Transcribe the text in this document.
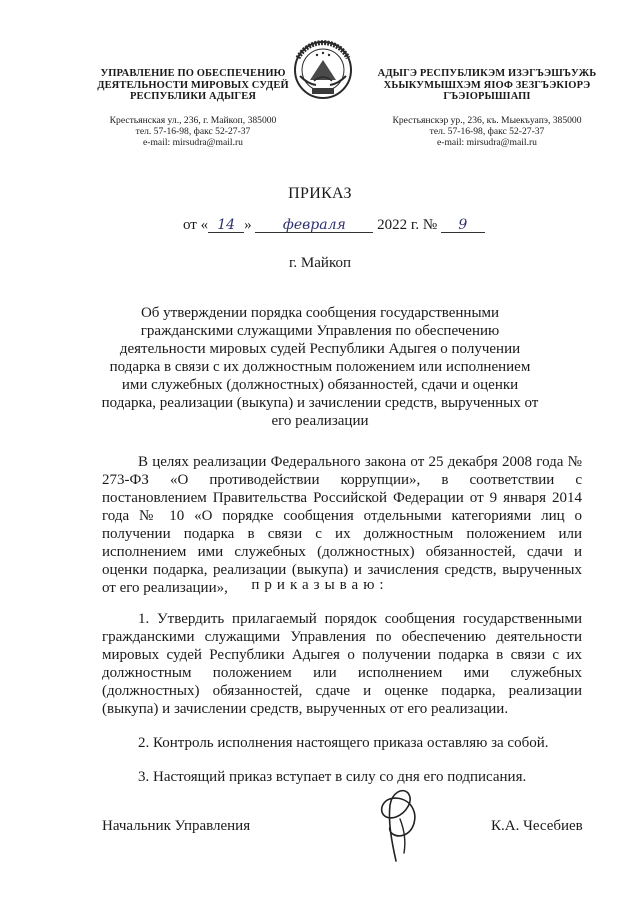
УПРАВЛЕНИЕ ПО ОБЕСПЕЧЕНИЮ
ДЕЯТЕЛЬНОСТИ МИРОВЫХ СУДЕЙ
РЕСПУБЛИКИ АДЫГЕЯ
Крестьянская ул., 236, г. Майкоп, 385000
тел. 57-16-98, факс 52-27-37
e-mail: mirsudra@mail.ru
АДЫГЭ РЕСПУБЛИКЭМ ИЗЭГЪЭШЪУЖЬ
ХЬЫКУМЫШХЭМ ЯIОФ ЗЕЗГЪЭКIОРЭ
ГЪЭIОРЫШIАПI
Крестьянскэр ур., 236, къ. Мыекъуапэ, 385000
тел. 57-16-98, факс 52-27-37
e-mail: mirsudra@mail.ru
ПРИКАЗ
от « 14 » февраля 2022 г. № 9
г. Майкоп
Об утверждении порядка сообщения государственными гражданскими служащими Управления по обеспечению деятельности мировых судей Республики Адыгея о получении подарка в связи с их должностным положением или исполнением ими служебных (должностных) обязанностей, сдачи и оценки подарка, реализации (выкупа) и зачислении средств, вырученных от его реализации
В целях реализации Федерального закона от 25 декабря 2008 года № 273-ФЗ «О противодействии коррупции», в соответствии с постановлением Правительства Российской Федерации от 9 января 2014 года № 10 «О порядке сообщения отдельными категориями лиц о получении подарка в связи с их должностным положением или исполнением ими служебных (должностных) обязанностей, сдачи и оценки подарка, реализации (выкупа) и зачисления средств, вырученных от его реализации»,	приказываю:
1. Утвердить прилагаемый порядок сообщения государственными гражданскими служащими Управления по обеспечению деятельности мировых судей Республики Адыгея о получении подарка в связи с их должностным положением или исполнением ими служебных (должностных) обязанностей, сдаче и оценке подарка, реализации (выкупа) и зачислении средств, вырученных от его реализации.
2. Контроль исполнения настоящего приказа оставляю за собой.
3. Настоящий приказ вступает в силу со дня его подписания.
Начальник Управления	К.А. Чесебиев
